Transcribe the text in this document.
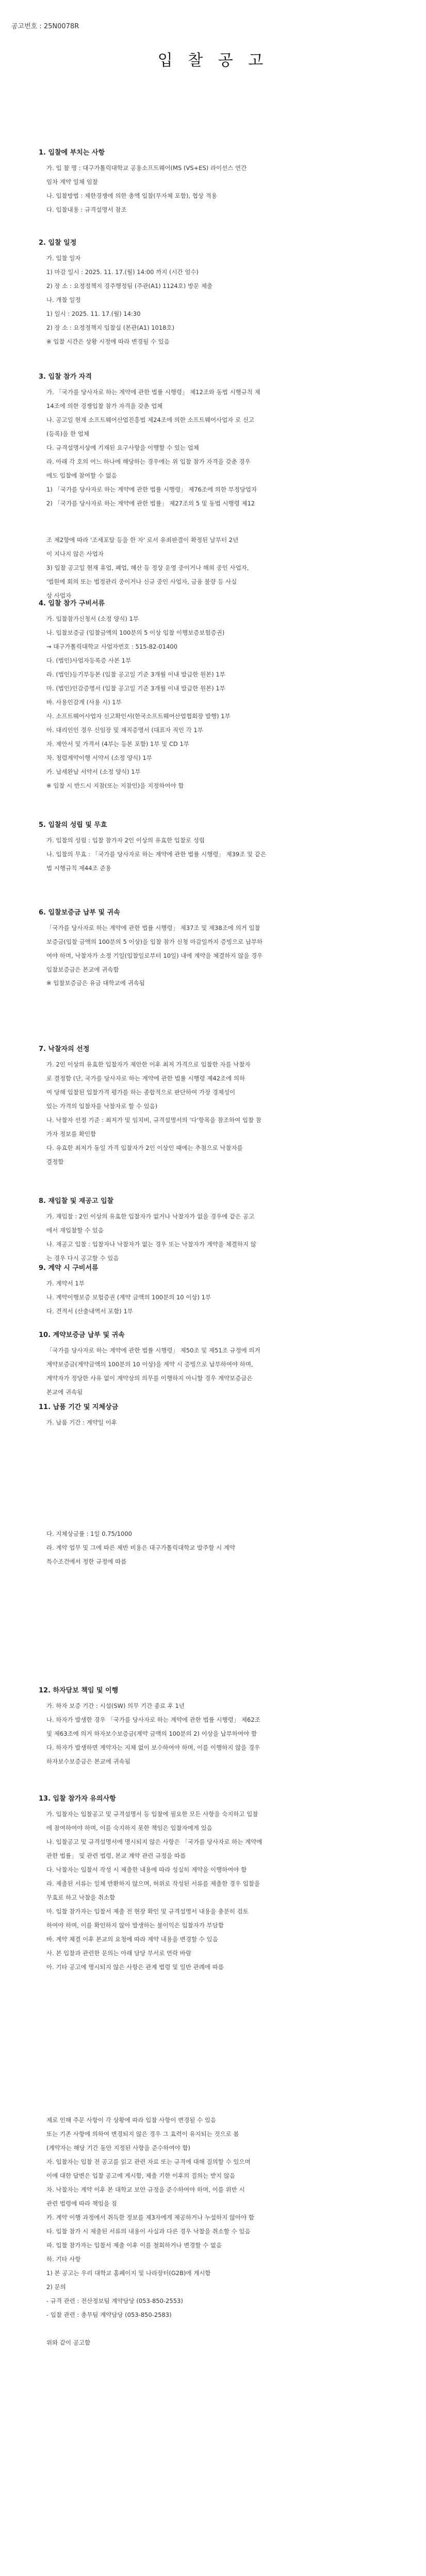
공고번호 : 25N0078R
입 찰 공 고
1. 입찰에 부치는 사항
가. 입 찰 명 : 대구가톨릭대학교 공용소프트웨어(MS (VS+ES) 라이선스 연간
임차 계약 일체 임찰
나. 입찰방법 : 제한경쟁에 의한 총액 입찰(무자체 포함), 협상 적용
다. 입찰내용 : 규격설명서 참조
2. 입찰 일정
가. 입찰 일자
1) 마감 일시 : 2025. 11. 17.(월) 14:00 까지 (시간 엄수)
2) 장 소 : 요정정책지 경주행정팀 (주관(A1) 1124호) 방문 제출
나. 개찰 일정
1) 일시 : 2025. 11. 17.(월) 14:30
2) 장 소 : 요정정책지 입찰실 (본관(A1) 1018호)
※ 입찰 시간은 상황 시정에 따라 변경될 수 있음
3. 입찰 참가 자격
가. 「국가를 당사자로 하는 계약에 관한 법률 시행령」 제12조와 동법 시행규칙 제
14조에 의한 경쟁입찰 참가 자격을 갖춘 업체
나. 공고일 현재 소프트웨어산업진흥법 제24조에 의한 소프트웨어사업자 로 신고
(등록)을 한 업체
다. 규격설명서상에 기재된 요구사항을 이행할 수 있는 업체
라. 아래 각 호의 어느 하나에 해당하는 경우에는 위 입찰 참가 자격을 갖춘 경우
에도 입찰에 참여할 수 없음
1) 「국가를 당사자로 하는 계약에 관한 법률 시행령」 제76조에 의한 부정당업자
2) 「국가를 당사자로 하는 계약에 관한 법률」 제27조의 5 및 동법 시행령 제12
조 제2항에 따라 '조세포탈 등을 한 자' 로서 유죄판결이 확정된 날부터 2년
이 지나지 않은 사업자
3) 입찰 공고일 현재 휴업, 폐업, 해산 등 정상 운영 중이거나 해외 중인 사업자,
'법원에 회의 또는 법정관리 중이거나 신규 중인 사업자, 금융 불량 등 사실
상 사업자
4. 입찰 참가 구비서류
가. 입찰참가신청서 (소정 양식) 1부
나. 입찰보증금 (입찰금액의 100분의 5 이상 입찰 이행보증보험증권)
→ 대구가톨릭대학교 사업자번호 : 515-82-01400
다. (법인)사업자등록증 사본 1부
라. (법인)등기부등본 (입찰 공고일 기준 3개월 이내 발급한 원본) 1부
마. (법인)인감증명서 (입찰 공고일 기준 3개월 이내 발급한 원본) 1부
바. 사용인감계 (사용 시) 1부
사. 소프트웨어사업자 신고확인서(한국소프트웨어산업협회장 발행) 1부
아. 대리인인 경우 신임장 및 재직증명서 (대표자 직인 각 1부
자. 제안서 및 가격서 (4부는 등본 포함) 1부 및 CD 1부
차. 청렴계약이행 서약서 (소정 양식) 1부
카. 납세완납 서약서 (소정 양식) 1부
※ 입찰 시 반드시 지참(또는 지참인)을 지정하여야 함
5. 입찰의 성립 및 무효
가. 입찰의 성립 : 입찰 참가자 2인 이상의 유효한 입찰로 성립
나. 입찰의 무효 : 「국가를 당사자로 하는 계약에 관한 법률 시행령」 제39조 및 같은
법 시행규칙 제44조 준용
6. 입찰보증금 납부 및 귀속
「국가를 당사자로 하는 계약에 관한 법률 시행령」 제37조 및 제38조에 의거 입찰
보증금(입찰 금액의 100분의 5 이상)을 입찰 참가 신청 마감일까지 증빙으로 납부하
여야 하며, 낙찰자가 소정 기일(입찰일로부터 10일) 내에 계약을 체결하지 않을 경우
입찰보증금은 본교에 귀속함
※ 입찰보증금은 유금 대학교에 귀속됨
7. 낙찰자의 선정
가. 2인 이상의 유효한 입찰자가 제안한 이후 최저 가격으로 입찰한 자를 낙찰자
로 결정함 (단, 국가를 당사자로 하는 계약에 관한 법률 시행령 제42조에 의하
여 당해 입찰된 입찰가격 평가를 하는 종합적으로 판단하여 가장 경제성이
있는 가격의 입찰자를 낙찰자로 할 수 있음)
나. 낙찰자 선정 기준 : 최저가 및 임치비, 규격설명서의 '다'항목을 참조하여 입찰 참
가자 정보를 확인함
다. 유효한 최저가 동일 가격 입찰자가 2인 이상인 때에는 추첨으로 낙찰자를
결정함
8. 재입찰 및 재공고 입찰
가. 재입찰 : 2인 이상의 유효한 입찰자가 없거나 낙찰자가 없을 경우에 같은 공고
에서 재입찰할 수 있음
나. 재공고 입찰 : 입찰자나 낙찰자가 없는 경우 또는 낙찰자가 계약을 체결하지 않
는 경우 다시 공고할 수 있음
9. 계약 시 구비서류
가. 계약서 1부
나. 계약이행보증 보험증권 (계약 금액의 100분의 10 이상) 1부
다. 견적서 (산출내역서 포함) 1부
10. 계약보증금 납부 및 귀속
「국가를 당사자로 하는 계약에 관한 법률 시행령」 제50조 및 제51조 규정에 의거
계약보증금(계약금액의 100분의 10 이상)을 계약 시 증빙으로 납부하여야 하며,
계약자가 정당한 사유 없이 계약상의 의무를 이행하지 아니할 경우 계약보증금은
본교에 귀속됨
11. 납품 기간 및 지체상금
가. 납품 기간 : 계약일 이후
다. 지체상금률 : 1일 0.75/1000
라. 계약 업무 및 그에 따른 제반 비용은 대구가톨릭대학교 발주할 시 계약
특수조건에서 정한 규정에 따름
12. 하자담보 책임 및 이행
가. 하자 보증 기간 : 시설(SW) 의무 기간 종료 후 1년
나. 하자가 발생한 경우 「국가를 당사자로 하는 계약에 관한 법률 시행령」 제62조
및 제63조에 의거 하자보수보증금(계약 금액의 100분의 2) 이상을 납부하여야 함
다. 하자가 발생하면 계약자는 지체 없이 보수하여야 하며, 이를 이행하지 않을 경우
하자보수보증금은 본교에 귀속됨
13. 입찰 참가자 유의사항
가. 입찰자는 입찰공고 및 규격설명서 등 입찰에 필요한 모든 사항을 숙지하고 입찰
에 참여하여야 하며, 이를 숙지하지 못한 책임은 입찰자에게 있음
나. 입찰공고 및 규격설명서에 명시되지 않은 사항은 「국가를 당사자로 하는 계약에
관한 법률」 및 관련 법령, 본교 계약 관련 규정을 따름
다. 낙찰자는 입찰서 작성 시 제출한 내용에 따라 성실히 계약을 이행하여야 함
라. 제출된 서류는 일체 반환하지 않으며, 허위로 작성된 서류를 제출한 경우 입찰을
무효로 하고 낙찰을 취소함
마. 입찰 참가자는 입찰서 제출 전 현장 확인 및 규격설명서 내용을 충분히 검토
하여야 하며, 이를 확인하지 않아 발생하는 불이익은 입찰자가 부담함
바. 계약 체결 이후 본교의 요청에 따라 계약 내용을 변경할 수 있음
사. 본 입찰과 관련한 문의는 아래 담당 부서로 연락 바람
아. 기타 공고에 명시되지 않은 사항은 관계 법령 및 일반 관례에 따름
제로 인해 주문 사항이 각 상황에 따라 입찰 사항이 변경될 수 있음
또는 기존 사항에 의하여 변경되지 않은 경우 그 효력이 유지되는 것으로 봄
(계약자는 해당 기간 동안 지정된 사항을 준수하여야 함)
자. 입찰자는 입찰 전 공고를 읽고 관련 자료 또는 규격에 대해 질의할 수 있으며
이에 대한 답변은 입찰 공고에 게시함, 제출 기한 이후의 질의는 받지 않음
차. 낙찰자는 계약 이후 본 대학교 보안 규정을 준수하여야 하며, 이를 위반 시
관련 법령에 따라 책임을 짐
카. 계약 이행 과정에서 취득한 정보를 제3자에게 제공하거나 누설하지 않아야 함
타. 입찰 참가 시 제출된 서류의 내용이 사실과 다른 경우 낙찰을 취소할 수 있음
파. 입찰 참가자는 입찰서 제출 이후 이를 철회하거나 변경할 수 없음
하. 기타 사항
1) 본 공고는 우리 대학교 홈페이지 및 나라장터(G2B)에 게시함
2) 문의
- 규격 관련 : 전산정보팀 계약담당 (053-850-2553)
- 입찰 관련 : 총무팀 계약담당 (053-850-2583)
위와 같이 공고함
